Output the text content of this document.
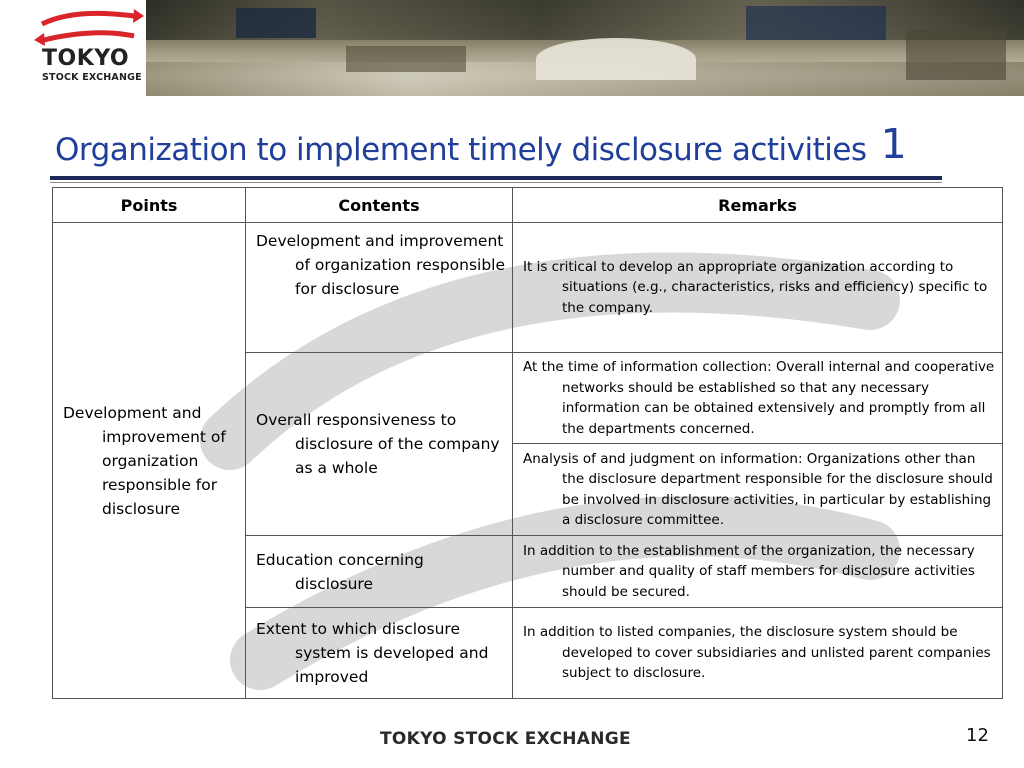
TOKYO
STOCK EXCHANGE
Organization to implement timely disclosure activities 1
Points	Contents	Remarks

Development and improvement of organization responsible for disclosure	Development and improvement of organization responsible for disclosure	It is critical to develop an appropriate organization according to situations (e.g., characteristics, risks and efficiency) specific to the company.

	Overall responsiveness to disclosure of the company as a whole	At the time of information collection: Overall internal and cooperative networks should be established so that any necessary information can be obtained extensively and promptly from all the departments concerned.

		Analysis of and judgment on information: Organizations other than the disclosure department responsible for the disclosure should be involved in disclosure activities, in particular by establishing a disclosure committee.

	Education concerning disclosure	In addition to the establishment of the organization, the necessary number and quality of staff members for disclosure activities should be secured.

	Extent to which disclosure system is developed and improved	In addition to listed companies, the disclosure system should be developed to cover subsidiaries and unlisted parent companies subject to disclosure.
TOKYO STOCK EXCHANGE	12
